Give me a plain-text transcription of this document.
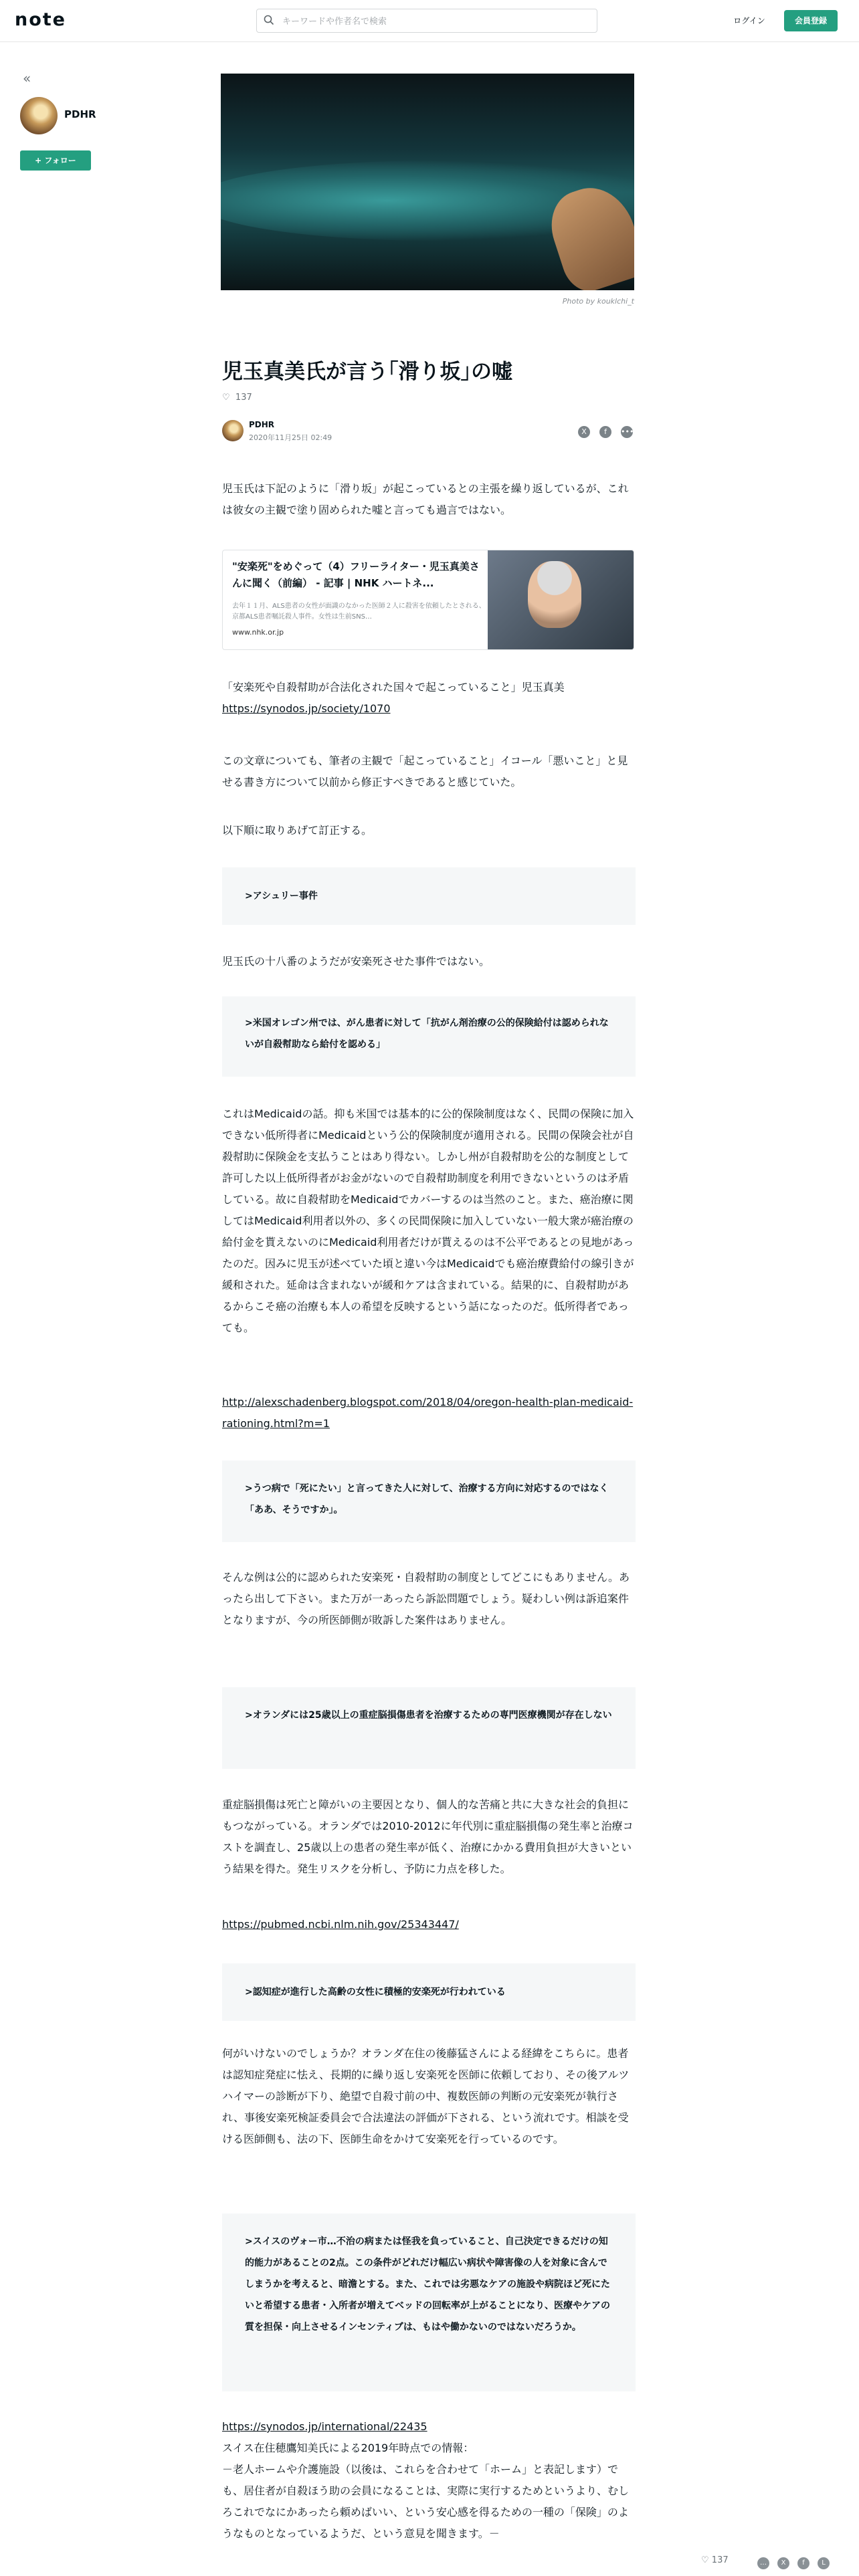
note
キーワードや作者名で検索	ログイン	会員登録
«
PDHR
+ フォロー
Photo by kouklchi_t
児玉真美氏が言う｢滑り坂｣の嘘
♡ 137
PDHR
2020年11月25日 02:49
X f •••
児玉氏は下記のように「滑り坂」が起こっているとの主張を繰り返しているが、これは彼女の主観で塗り固められた嘘と言っても過言ではない。
"安楽死"をめぐって（4）フリーライター・児玉真美さんに聞く（前編） - 記事 | NHK ハートネ...
去年１１月、ALS患者の女性が面識のなかった医師２人に殺害を依頼したとされる、京都ALS患者嘱託殺人事件。女性は生前SNS…
www.nhk.or.jp
「安楽死や自殺幇助が合法化された国々で起こっていること」児玉真美
https://synodos.jp/society/1070
この文章についても、筆者の主観で「起こっていること」イコール「悪いこと」と見せる書き方について以前から修正すべきであると感じていた。
以下順に取りあげて訂正する。
>アシュリー事件
児玉氏の十八番のようだが安楽死させた事件ではない。
>米国オレゴン州では、がん患者に対して「抗がん剤治療の公的保険給付は認められないが自殺幇助なら給付を認める」
これはMedicaidの話。抑も米国では基本的に公的保険制度はなく、民間の保険に加入できない低所得者にMedicaidという公的保険制度が適用される。民間の保険会社が自殺幇助に保険金を支払うことはあり得ない。しかし州が自殺幇助を公的な制度として許可した以上低所得者がお金がないので自殺幇助制度を利用できないというのは矛盾している。故に自殺幇助をMedicaidでカバーするのは当然のこと。また、癌治療に関してはMedicaid利用者以外の、多くの民間保険に加入していない一般大衆が癌治療の給付金を貰えないのにMedicaid利用者だけが貰えるのは不公平であるとの見地があったのだ。因みに児玉が述べていた頃と違い今はMedicaidでも癌治療費給付の線引きが緩和された。延命は含まれないが緩和ケアは含まれている。結果的に、自殺幇助があるからこそ癌の治療も本人の希望を反映するという話になったのだ。低所得者であっても。
http://alexschadenberg.blogspot.com/2018/04/oregon-health-plan-medicaid-rationing.html?m=1
>うつ病で「死にたい」と言ってきた人に対して、治療する方向に対応するのではなく「ああ、そうですか」。
そんな例は公的に認められた安楽死・自殺幇助の制度としてどこにもありません。あったら出して下さい。また万が一あったら訴訟問題でしょう。疑わしい例は訴追案件となりますが、今の所医師側が敗訴した案件はありません。
>オランダには25歳以上の重症脳損傷患者を治療するための専門医療機関が存在しない
重症脳損傷は死亡と障がいの主要因となり、個人的な苦痛と共に大きな社会的負担にもつながっている。オランダでは2010-2012に年代別に重症脳損傷の発生率と治療コストを調査し、25歳以上の患者の発生率が低く、治療にかかる費用負担が大きいという結果を得た。発生リスクを分析し、予防に力点を移した。
https://pubmed.ncbi.nlm.nih.gov/25343447/
>認知症が進行した高齢の女性に積極的安楽死が行われている
何がいけないのでしょうか？オランダ在住の後藤猛さんによる経緯をこちらに。患者は認知症発症に怯え、長期的に繰り返し安楽死を医師に依頼しており、その後アルツハイマーの診断が下り、絶望で自殺寸前の中、複数医師の判断の元安楽死が執行され、事後安楽死検証委員会で合法違法の評価が下される、という流れです。相談を受ける医師側も、法の下、医師生命をかけて安楽死を行っているのです。
>スイスのヴォー市…不治の病または怪我を負っていること、自己決定できるだけの知的能力があることの2点。この条件がどれだけ幅広い病状や障害像の人を対象に含んでしまうかを考えると、暗澹とする。また、これでは劣悪なケアの施設や病院ほど死にたいと希望する患者・入所者が増えてベッドの回転率が上がることになり、医療やケアの質を担保・向上させるインセンティブは、もはや働かないのではないだろうか。
https://synodos.jp/international/22435
スイス在住穂鷹知美氏による2019年時点での情報：
－老人ホームや介護施設（以後は、これらを合わせて「ホーム」と表記します）でも、居住者が自殺ほう助の会員になることは、実際に実行するためというより、むしろこれでなにかあったら頼めばいい、という安心感を得るための一種の「保険」のようなものとなっているようだ、という意見を聞きます。－
♡ 137	… X f	L
